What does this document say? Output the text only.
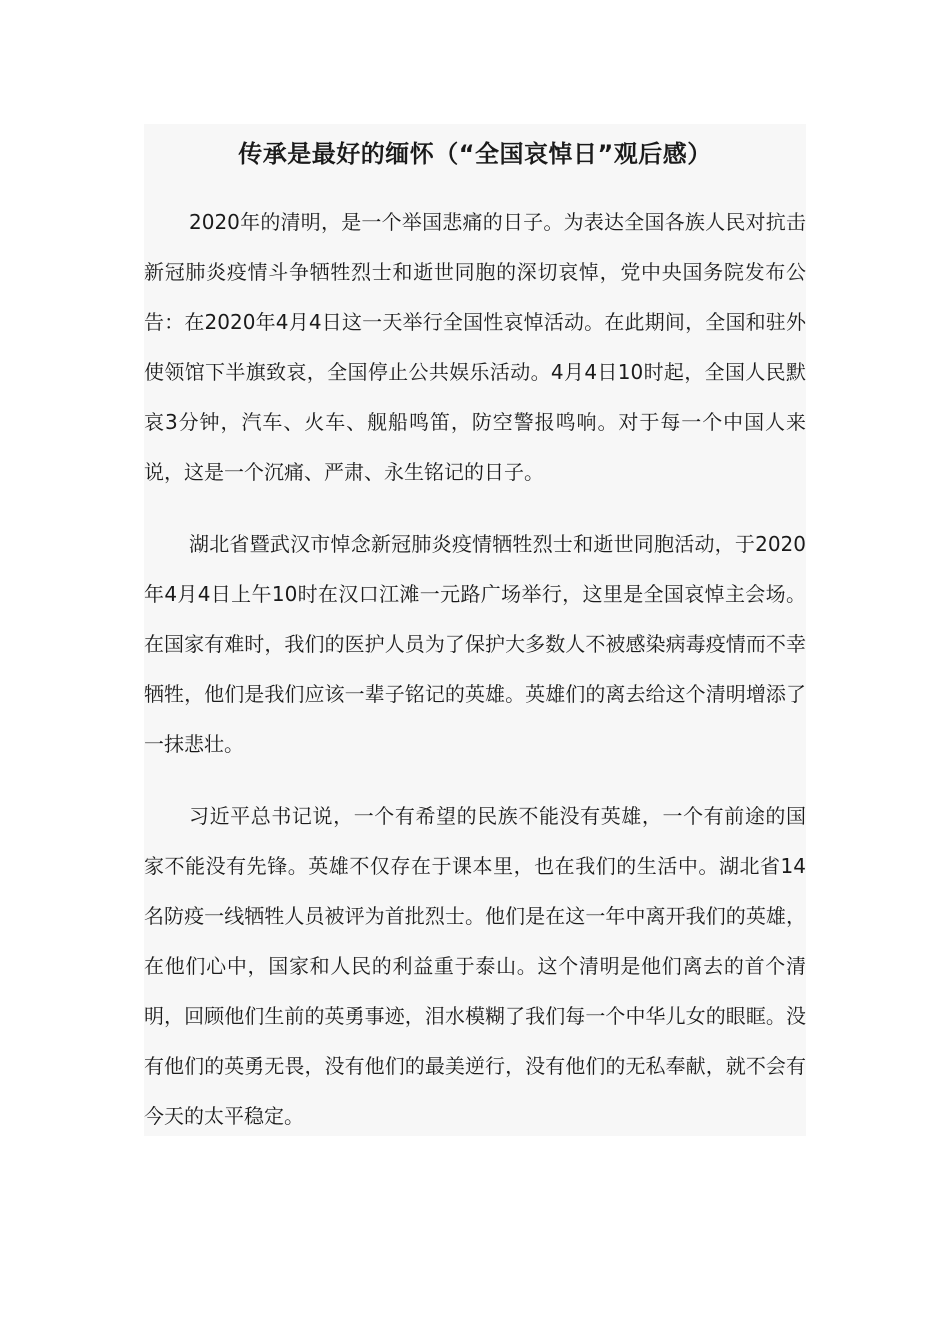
传承是最好的缅怀（“全国哀悼日”观后感）

2020年的清明，是一个举国悲痛的日子。为表达全国各族人民对抗击新冠肺炎疫情斗争牺牲烈士和逝世同胞的深切哀悼，党中央国务院发布公告：在2020年4月4日这一天举行全国性哀悼活动。在此期间，全国和驻外使领馆下半旗致哀，全国停止公共娱乐活动。4月4日10时起，全国人民默哀3分钟，汽车、火车、舰船鸣笛，防空警报鸣响。对于每一个中国人来说，这是一个沉痛、严肃、永生铭记的日子。

湖北省暨武汉市悼念新冠肺炎疫情牺牲烈士和逝世同胞活动，于2020年4月4日上午10时在汉口江滩一元路广场举行，这里是全国哀悼主会场。在国家有难时，我们的医护人员为了保护大多数人不被感染病毒疫情而不幸牺牲，他们是我们应该一辈子铭记的英雄。英雄们的离去给这个清明增添了一抹悲壮。

习近平总书记说，一个有希望的民族不能没有英雄，一个有前途的国家不能没有先锋。英雄不仅存在于课本里，也在我们的生活中。湖北省14名防疫一线牺牲人员被评为首批烈士。他们是在这一年中离开我们的英雄，在他们心中，国家和人民的利益重于泰山。这个清明是他们离去的首个清明，回顾他们生前的英勇事迹，泪水模糊了我们每一个中华儿女的眼眶。没有他们的英勇无畏，没有他们的最美逆行，没有他们的无私奉献，就不会有今天的太平稳定。
